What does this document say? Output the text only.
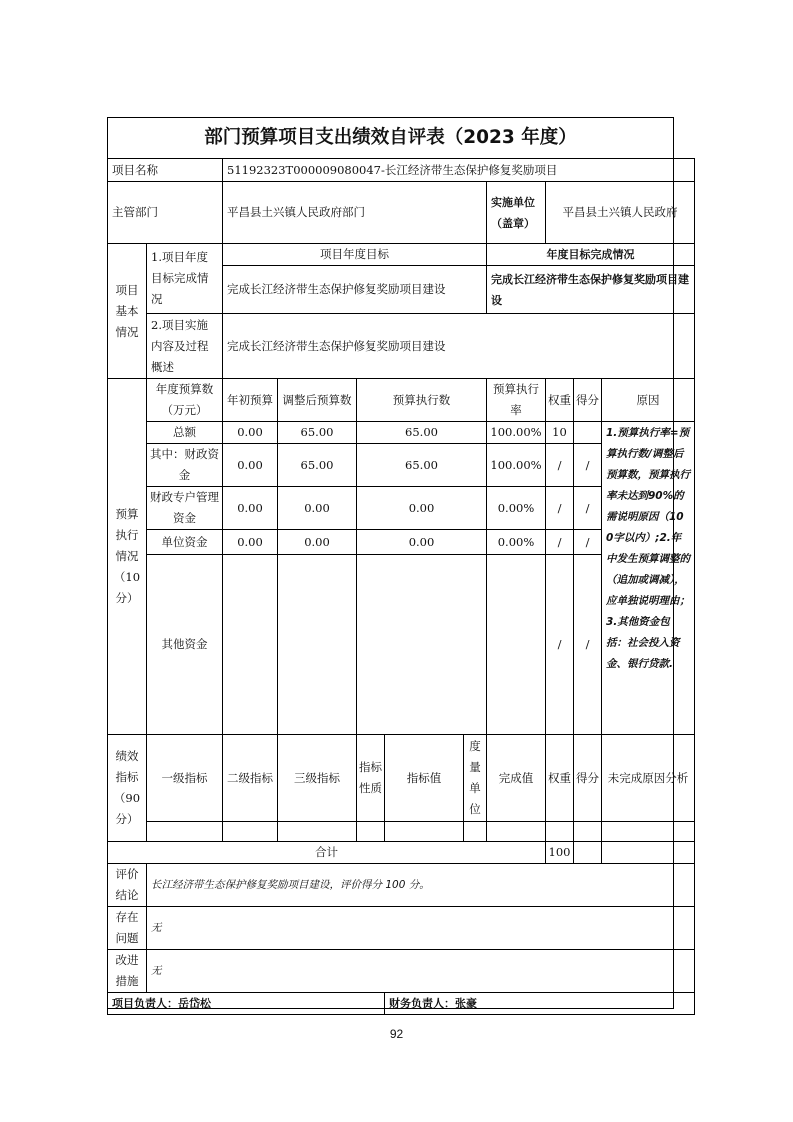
部门预算项目支出绩效自评表（2023 年度）
项目名称		51192323T000009080047-长江经济带生态保护修复奖励项目								
主管部门		平昌县土兴镇人民政府部门					实施单位（盖章）	平昌县土兴镇人民政府		
项目基本情况	1.项目年度目标完成情况	项目年度目标					年度目标完成情况			
		完成长江经济带生态保护修复奖励项目建设					完成长江经济带生态保护修复奖励项目建设			
	2.项目实施内容及过程概述	完成长江经济带生态保护修复奖励项目建设								
预算执行情况（10分）	年度预算数（万元）	年初预算	调整后预算数	预算执行数			预算执行率	权重	得分	原因
	总额	0.00	65.00	65.00			100.00%	10		1.预算执行率=预算执行数/调整后预算数，预算执行率未达到90%的需说明原因（100字以内）;2.年中发生预算调整的（追加或调减），应单独说明理由；3.其他资金包括：社会投入资金、银行贷款.
	其中：财政资金	0.00	65.00	65.00			100.00%	/	/	
	财政专户管理资金	0.00	0.00	0.00			0.00%	/	/	
	单位资金	0.00	0.00	0.00			0.00%	/	/	
	其他资金							/	/	
绩效指标（90分）	一级指标	二级指标	三级指标	指标性质	指标值	度量单位	完成值	权重	得分	未完成原因分析

合计								100		
评价结论	长江经济带生态保护修复奖励项目建设，评价得分 100 分。									
存在问题	无									
改进措施	无									
项目负责人：岳岱松					财务负责人：张豪					
92
